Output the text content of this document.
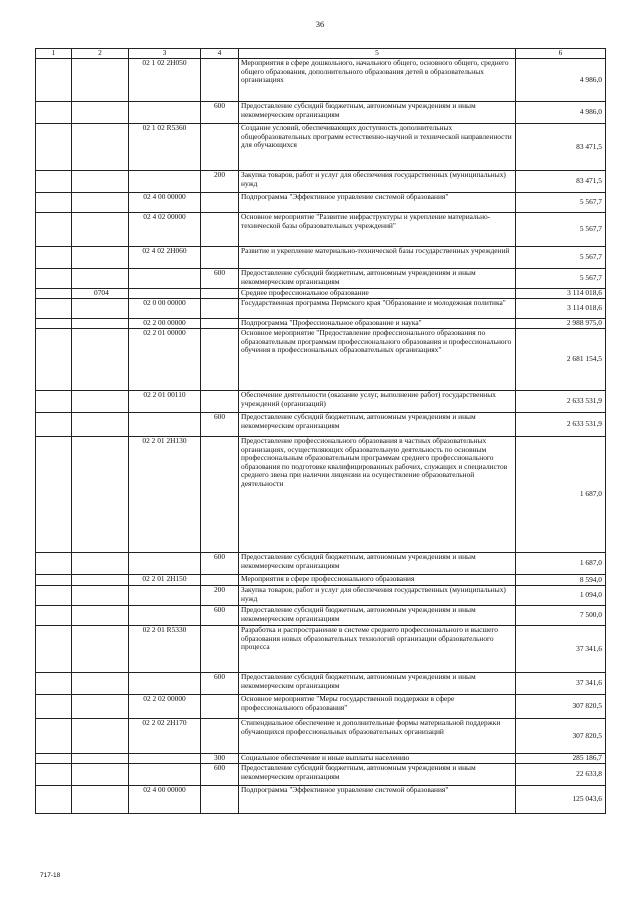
36
1	2	3	4	5	6
		02 1 02 2Н050		Мероприятия в сфере дошкольного, начального общего, основного общего, среднего общего образования, дополнительного образования детей в образовательных организациях	4 986,0
			600	Предоставление субсидий бюджетным, автономным учреждениям и иным некоммерческим организациям	4 986,0
		02 1 02 R5360		Создание условий, обеспечивающих доступность дополнительных общеобразовательных программ естественно-научной и технической направленности для обучающихся	83 471,5
			200	Закупка товаров, работ и услуг для обеспечения государственных (муниципальных) нужд	83 471,5
		02 4 00 00000		Подпрограмма "Эффективное управление системой образования"	5 567,7
		02 4 02 00000		Основное мероприятие "Развитие инфраструктуры и укрепление материально-технической базы образовательных учреждений"	5 567,7
		02 4 02 2Н060		Развитие и укрепление материально-технической базы государственных учреждений	5 567,7
			600	Предоставление субсидий бюджетным, автономным учреждениям и иным некоммерческим организациям	5 567,7
	0704			Среднее профессиональное образование	3 114 018,6
		02 0 00 00000		Государственная программа Пермского края "Образование и молодежная политика"	3 114 018,6
		02 2 00 00000		Подпрограмма "Профессиональное образование и наука"	2 988 975,0
		02 2 01 00000		Основное мероприятие "Предоставление профессионального образования по образовательным программам профессионального образования и профессионального обучения в профессиональных образовательных организациях"	2 681 154,5
		02 2 01 00110		Обеспечение деятельности (оказание услуг, выполнение работ) государственных учреждений (организаций)	2 633 531,9
			600	Предоставление субсидий бюджетным, автономным учреждениям и иным некоммерческим организациям	2 633 531,9
		02 2 01 2Н130		Предоставление профессионального образования в частных образовательных организациях, осуществляющих образовательную деятельность по основным профессиональным образовательным программам среднего профессионального образования по подготовке квалифицированных рабочих, служащих и специалистов среднего звена при наличии лицензии на осуществление образовательной деятельности	1 687,0
			600	Предоставление субсидий бюджетным, автономным учреждениям и иным некоммерческим организациям	1 687,0
		02 2 01 2Н150		Мероприятия в сфере профессионального образования	8 594,0
			200	Закупка товаров, работ и услуг для обеспечения государственных (муниципальных) нужд	1 094,0
			600	Предоставление субсидий бюджетным, автономным учреждениям и иным некоммерческим организациям	7 500,0
		02 2 01 R5330		Разработка и распространение в системе среднего профессионального и высшего образования новых образовательных технологий организации образовательного процесса	37 341,6
			600	Предоставление субсидий бюджетным, автономным учреждениям и иным некоммерческим организациям	37 341,6
		02 2 02 00000		Основное мероприятие "Меры государственной поддержки в сфере профессионального образования"	307 820,5
		02 2 02 2Н170		Стипендиальное обеспечение и дополнительные формы материальной поддержки обучающихся профессиональных образовательных организаций	307 820,5
			300	Социальное обеспечение и иные выплаты населению	285 186,7
			600	Предоставление субсидий бюджетным, автономным учреждениям и иным некоммерческим организациям	22 633,8
		02 4 00 00000		Подпрограмма "Эффективное управление системой образования"	125 043,6
717-18
